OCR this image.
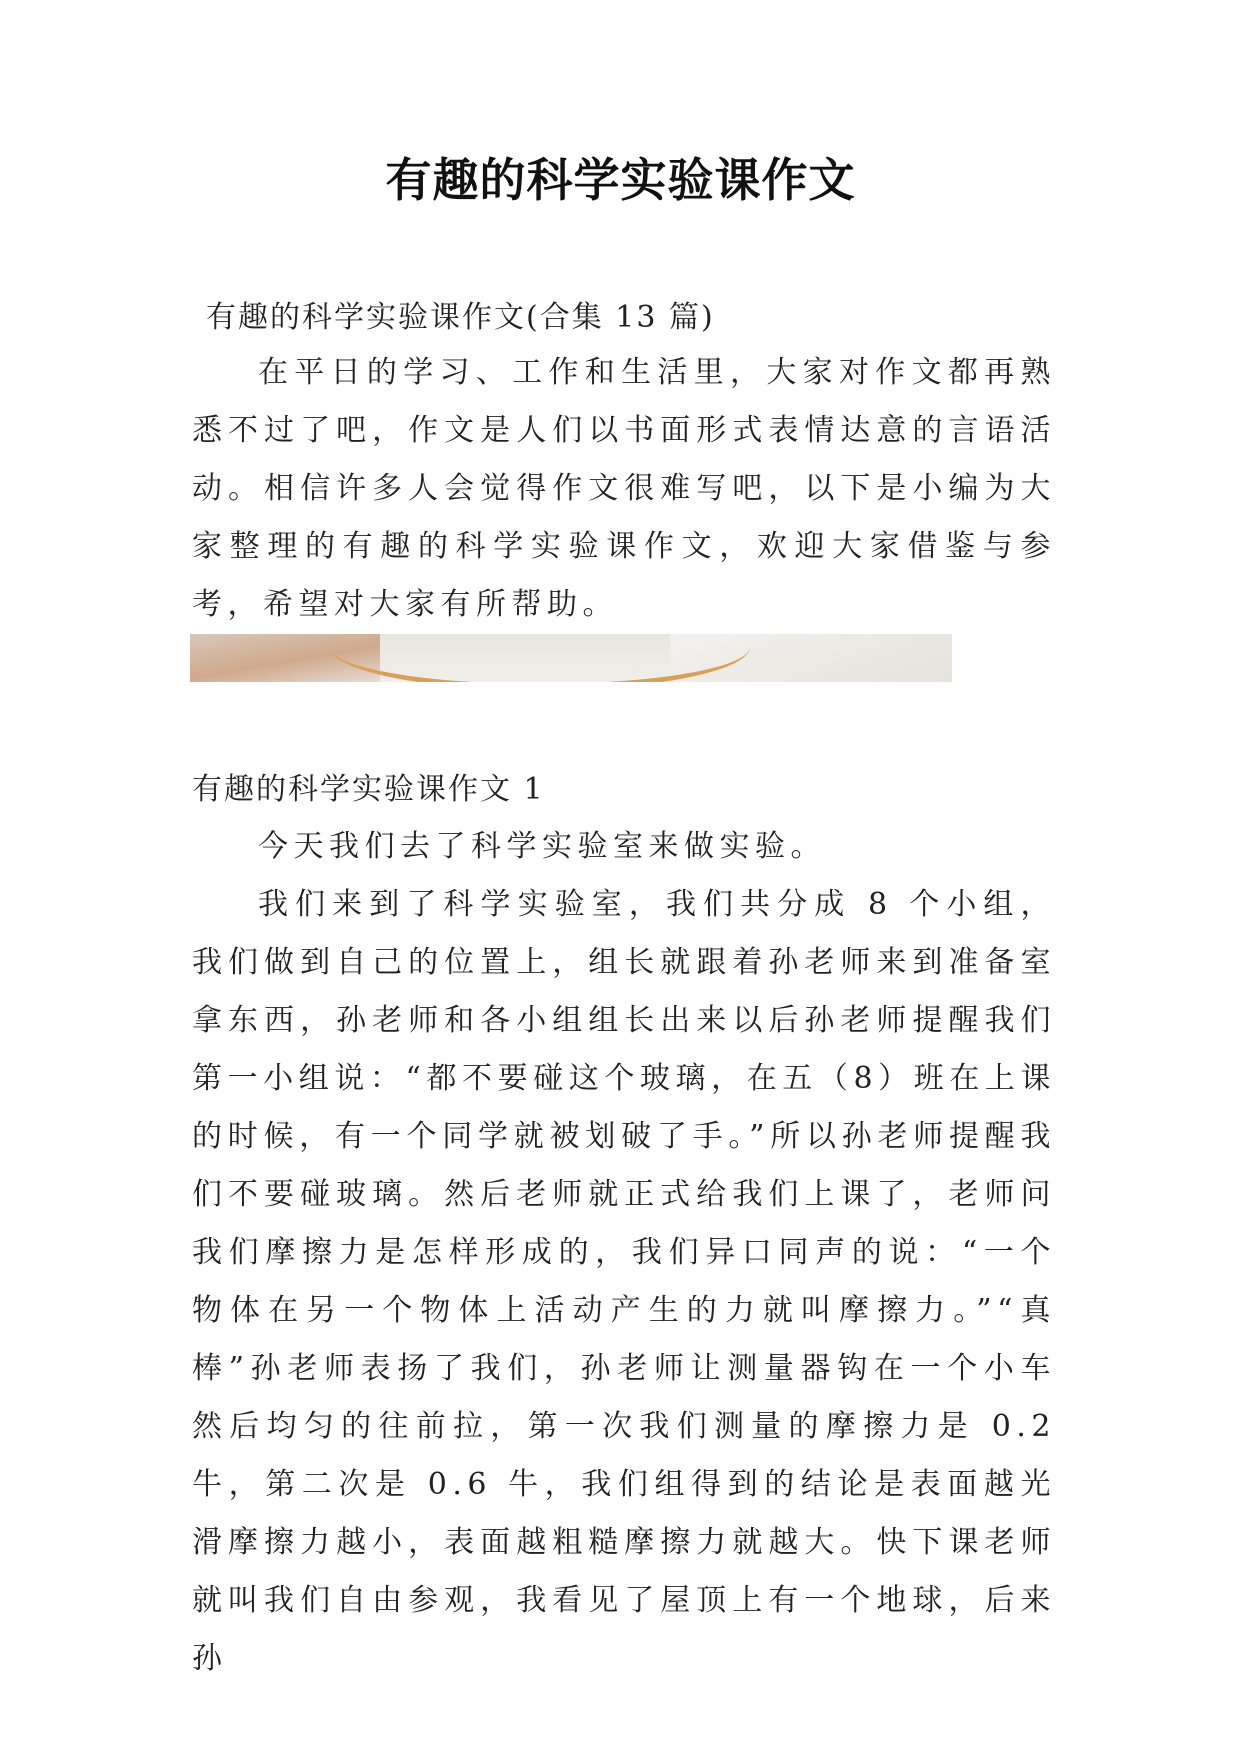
有趣的科学实验课作文
有趣的科学实验课作文(合集 13 篇)

在平日的学习、工作和生活里，大家对作文都再熟悉不过了吧，作文是人们以书面形式表情达意的言语活动。相信许多人会觉得作文很难写吧，以下是小编为大家整理的有趣的科学实验课作文，欢迎大家借鉴与参考，希望对大家有所帮助。

有趣的科学实验课作文 1

今天我们去了科学实验室来做实验。

我们来到了科学实验室，我们共分成 8 个小组，我们做到自己的位置上，组长就跟着孙老师来到准备室拿东西，孙老师和各小组组长出来以后孙老师提醒我们第一小组说：“都不要碰这个玻璃，在五（8）班在上课的时候，有一个同学就被划破了手。”所以孙老师提醒我们不要碰玻璃。然后老师就正式给我们上课了，老师问我们摩擦力是怎样形成的，我们异口同声的说：“一个物体在另一个物体上活动产生的力就叫摩擦力。”“真棒”孙老师表扬了我们，孙老师让测量器钩在一个小车然后均匀的往前拉，第一次我们测量的摩擦力是 0.2 牛，第二次是 0.6 牛，我们组得到的结论是表面越光滑摩擦力越小，表面越粗糙摩擦力就越大。快下课老师就叫我们自由参观，我看见了屋顶上有一个地球，后来孙
